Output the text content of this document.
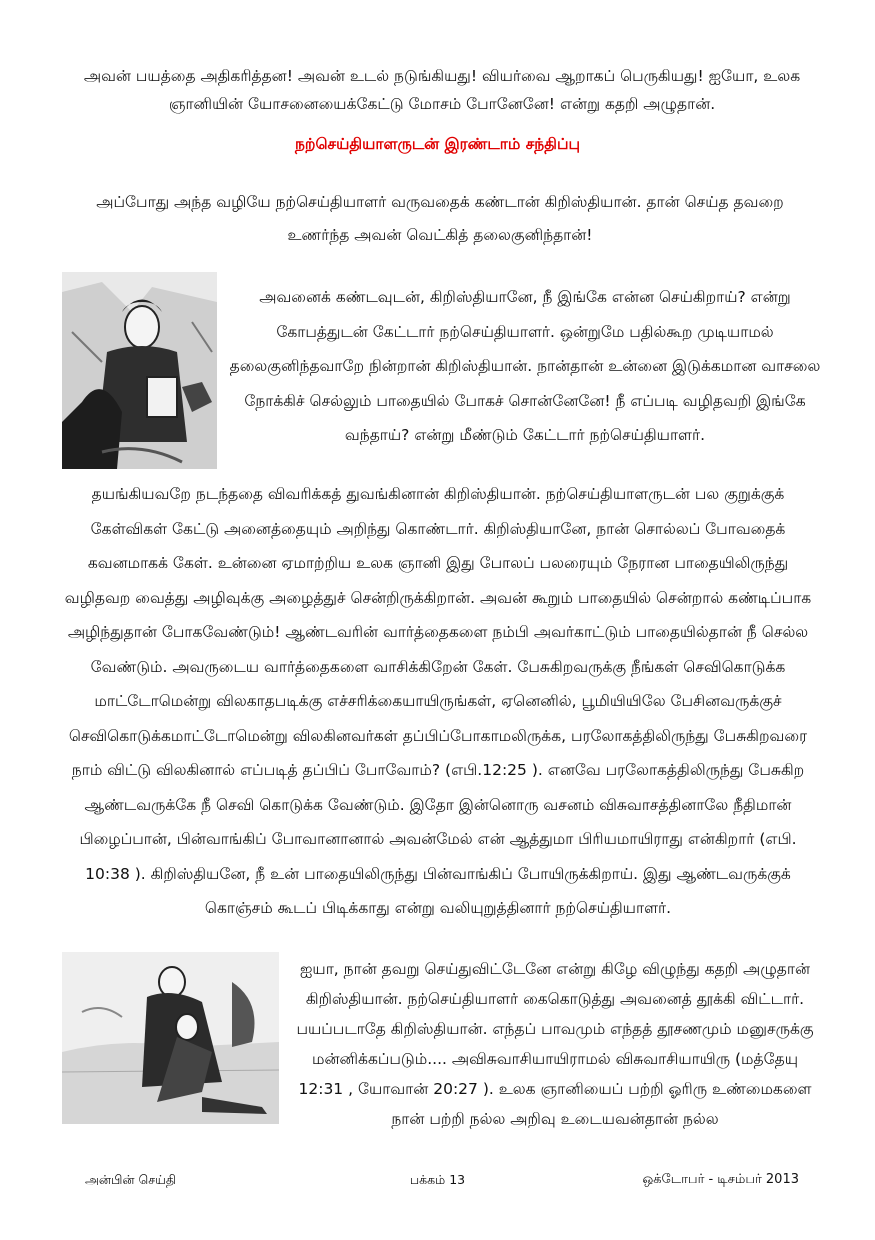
அவன் பயத்தை அதிகரித்தன! அவன் உடல் நடுங்கியது! வியர்வை ஆறாகப் பெருகியது! ஐயோ, உலக ஞானியின் யோசனையைக்கேட்டு மோசம் போனேனே! என்று கதறி அழுதான்.
நற்செய்தியாளருடன் இரண்டாம் சந்திப்பு
அப்போது அந்த வழியே நற்செய்தியாளர் வருவதைக் கண்டான் கிறிஸ்தியான். தான் செய்த தவறை உணர்ந்த அவன் வெட்கித் தலைகுனிந்தான்!
அவனைக் கண்டவுடன், கிறிஸ்தியானே, நீ இங்கே என்ன செய்கிறாய்? என்று கோபத்துடன் கேட்டார் நற்செய்தியாளர். ஒன்றுமே பதில்கூற முடியாமல் தலைகுனிந்தவாறே நின்றான் கிறிஸ்தியான். நான்தான் உன்னை இடுக்கமான வாசலை நோக்கிச் செல்லும் பாதையில் போகச் சொன்னேனே! நீ எப்படி வழிதவறி இங்கே வந்தாய்? என்று மீண்டும் கேட்டார் நற்செய்தியாளர்.
தயங்கியவறே நடந்ததை விவரிக்கத் துவங்கினான் கிறிஸ்தியான். நற்செய்தியாளருடன் பல குறுக்குக் கேள்விகள் கேட்டு அனைத்தையும் அறிந்து கொண்டார். கிறிஸ்தியானே, நான் சொல்லப் போவதைக் கவனமாகக் கேள். உன்னை ஏமாற்றிய உலக ஞானி இது போலப் பலரையும் நேரான பாதையிலிருந்து வழிதவற வைத்து அழிவுக்கு அழைத்துச் சென்றிருக்கிறான். அவன் கூறும் பாதையில் சென்றால் கண்டிப்பாக அழிந்துதான் போகவேண்டும்! ஆண்டவரின் வார்த்தைகளை நம்பி அவர்காட்டும் பாதையில்தான் நீ செல்ல வேண்டும். அவருடைய வார்த்தைகளை வாசிக்கிறேன் கேள். பேசுகிறவருக்கு நீங்கள் செவிகொடுக்க மாட்டோமென்று விலகாதபடிக்கு எச்சரிக்கையாயிருங்கள், ஏனெனில், பூமியியிலே பேசினவருக்குச் செவிகொடுக்கமாட்டோமென்று விலகினவர்கள் தப்பிப்போகாமலிருக்க, பரலோகத்திலிருந்து பேசுகிறவரை நாம் விட்டு விலகினால் எப்படித் தப்பிப் போவோம்? (எபி.12:25 ). எனவே பரலோகத்திலிருந்து பேசுகிற ஆண்டவருக்கே நீ செவி கொடுக்க வேண்டும். இதோ இன்னொரு வசனம் விசுவாசத்தினாலே நீதிமான் பிழைப்பான், பின்வாங்கிப் போவானானால் அவன்மேல் என் ஆத்துமா பிரியமாயிராது என்கிறார் (எபி. 10:38 ). கிறிஸ்தியனே, நீ உன் பாதையிலிருந்து பின்வாங்கிப் போயிருக்கிறாய். இது ஆண்டவருக்குக் கொஞ்சம் கூடப் பிடிக்காது என்று வலியுறுத்தினார் நற்செய்தியாளர்.
ஐயா, நான் தவறு செய்துவிட்டேனே என்று கிழே விழுந்து கதறி அழுதான் கிறிஸ்தியான். நற்செய்தியாளர் கைகொடுத்து அவனைத் தூக்கி விட்டார். பயப்படாதே கிறிஸ்தியான். எந்தப் பாவமும் எந்தத் தூசணமும் மனுசருக்கு மன்னிக்கப்படும்.... அவிசுவாசியாயிராமல் விசுவாசியாயிரு (மத்தேயு 12:31 , யோவான் 20:27 ). உலக ஞானியைப் பற்றி ஓரிரு உண்மைகளை நான் பற்றி நல்ல அறிவு உடையவன்தான் நல்ல
அன்பின் செய்தி	பக்கம் 13	ஒக்டோபர் - டிசம்பர் 2013
